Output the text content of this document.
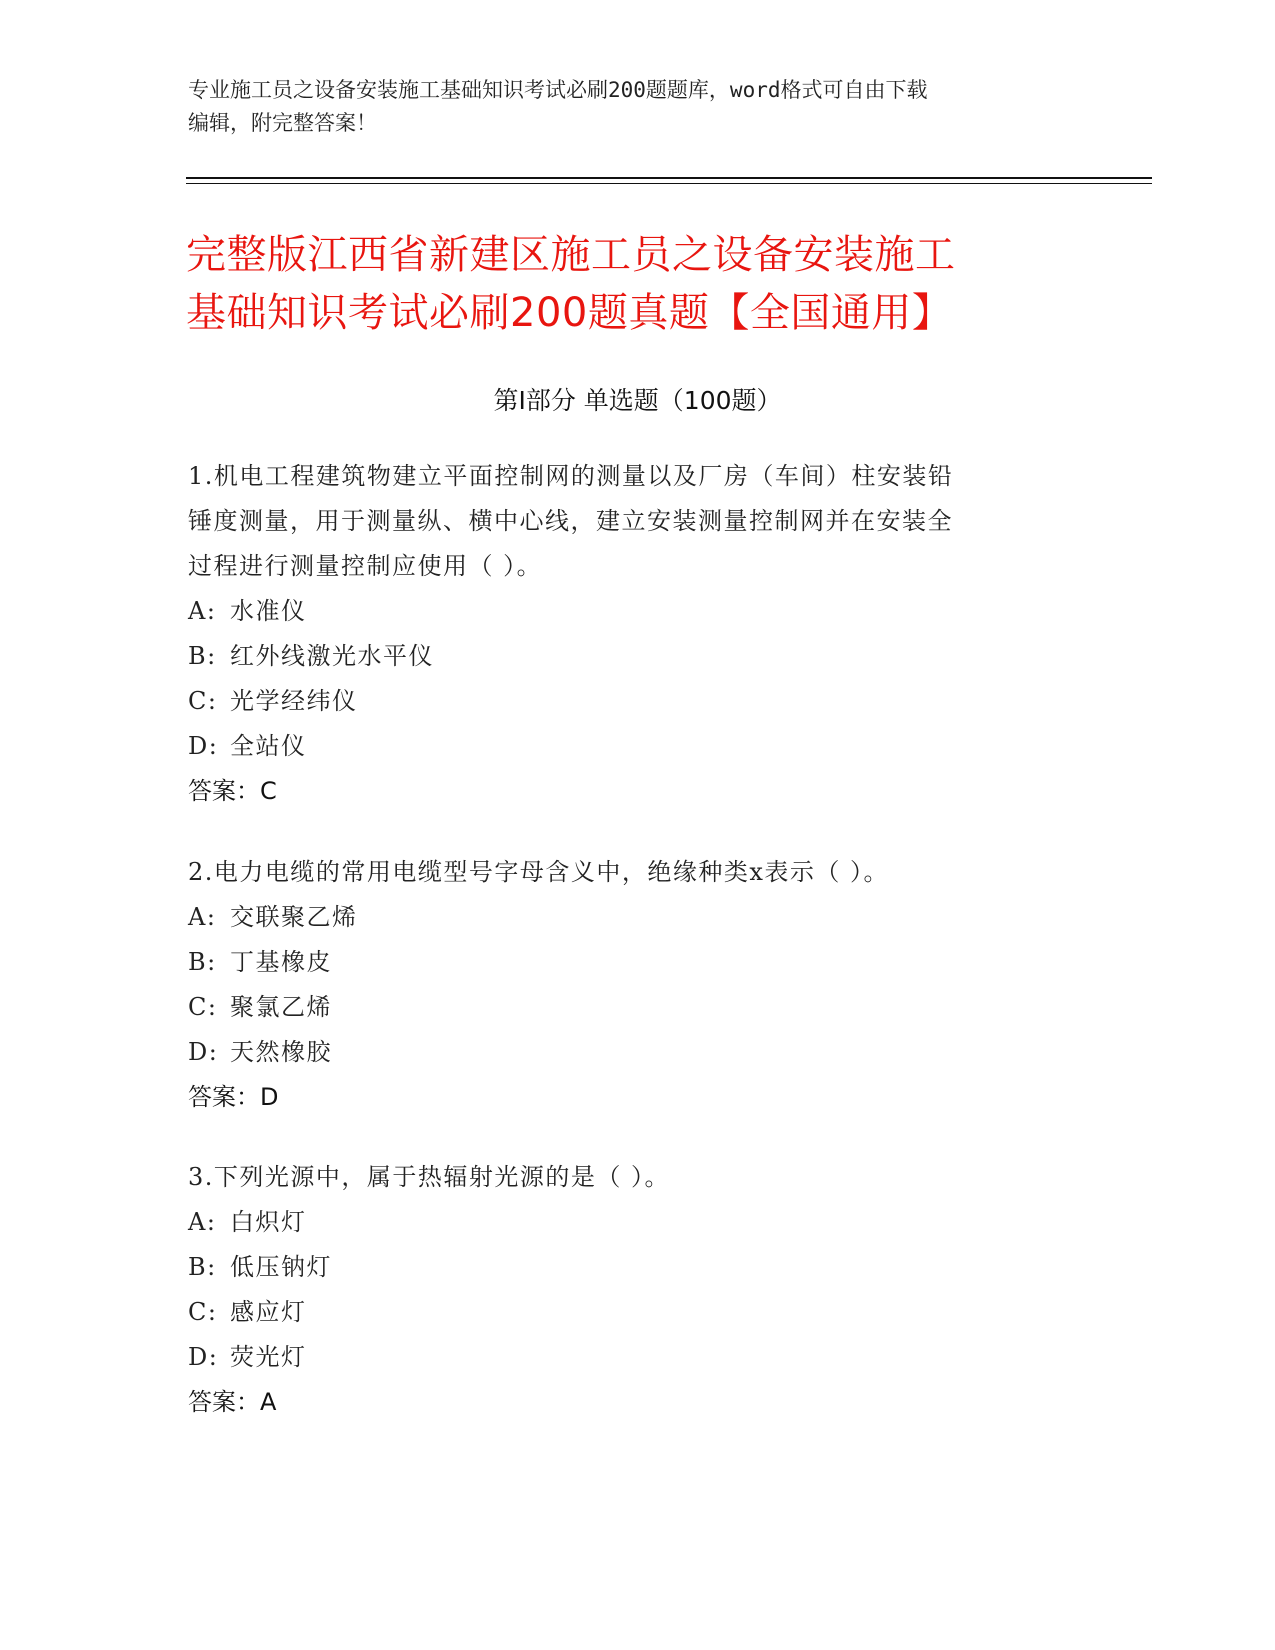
专业施工员之设备安装施工基础知识考试必刷200题题库，word格式可自由下载
编辑，附完整答案！
完整版江西省新建区施工员之设备安装施工
基础知识考试必刷200题真题【全国通用】
第Ⅰ部分 单选题（100题）

1.机电工程建筑物建立平面控制网的测量以及厂房（车间）柱安装铅

锤度测量，用于测量纵、横中心线，建立安装测量控制网并在安装全

过程进行测量控制应使用（ ）。

A: 水准仪

B: 红外线激光水平仪

C: 光学经纬仪

D: 全站仪

答案：C

2.电力电缆的常用电缆型号字母含义中，绝缘种类x表示（ ）。

A: 交联聚乙烯

B: 丁基橡皮

C: 聚氯乙烯

D: 天然橡胶

答案：D

3.下列光源中，属于热辐射光源的是（ ）。

A: 白炽灯

B: 低压钠灯

C: 感应灯

D: 荧光灯

答案：A
